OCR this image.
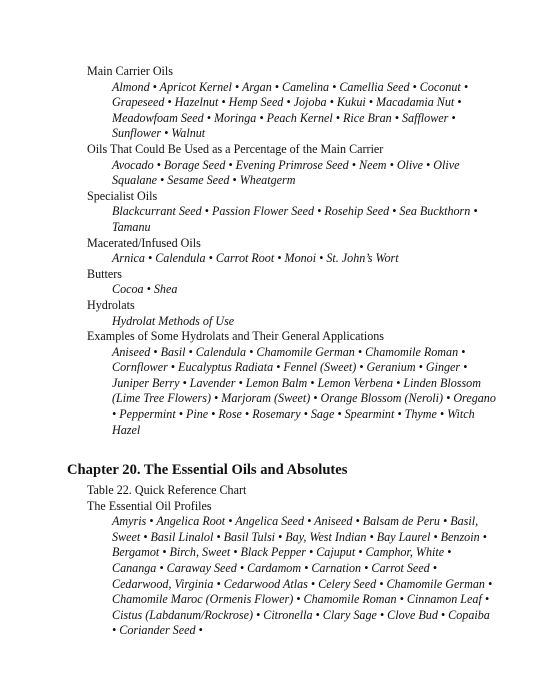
Main Carrier Oils
Almond • Apricot Kernel • Argan • Camelina • Camellia Seed • Coconut • Grapeseed • Hazelnut • Hemp Seed • Jojoba • Kukui • Macadamia Nut • Meadowfoam Seed • Moringa • Peach Kernel • Rice Bran • Safflower • Sunflower • Walnut
Oils That Could Be Used as a Percentage of the Main Carrier
Avocado • Borage Seed • Evening Primrose Seed • Neem • Olive • Olive Squalane • Sesame Seed • Wheatgerm
Specialist Oils
Blackcurrant Seed • Passion Flower Seed • Rosehip Seed • Sea Buckthorn • Tamanu
Macerated/Infused Oils
Arnica • Calendula • Carrot Root • Monoi • St. John’s Wort
Butters
Cocoa • Shea
Hydrolats
Hydrolat Methods of Use
Examples of Some Hydrolats and Their General Applications
Aniseed • Basil • Calendula • Chamomile German • Chamomile Roman • Cornflower • Eucalyptus Radiata • Fennel (Sweet) • Geranium • Ginger • Juniper Berry • Lavender • Lemon Balm • Lemon Verbena • Linden Blossom (Lime Tree Flowers) • Marjoram (Sweet) • Orange Blossom (Neroli) • Oregano • Peppermint • Pine • Rose • Rosemary • Sage • Spearmint • Thyme • Witch Hazel
Chapter 20. The Essential Oils and Absolutes
Table 22. Quick Reference Chart
The Essential Oil Profiles
Amyris • Angelica Root • Angelica Seed • Aniseed • Balsam de Peru • Basil, Sweet • Basil Linalol • Basil Tulsi • Bay, West Indian • Bay Laurel • Benzoin • Bergamot • Birch, Sweet • Black Pepper • Cajuput • Camphor, White • Cananga • Caraway Seed • Cardamom • Carnation • Carrot Seed • Cedarwood, Virginia • Cedarwood Atlas • Celery Seed • Chamomile German • Chamomile Maroc (Ormenis Flower) • Chamomile Roman • Cinnamon Leaf • Cistus (Labdanum/Rockrose) • Citronella • Clary Sage • Clove Bud • Copaiba • Coriander Seed •
